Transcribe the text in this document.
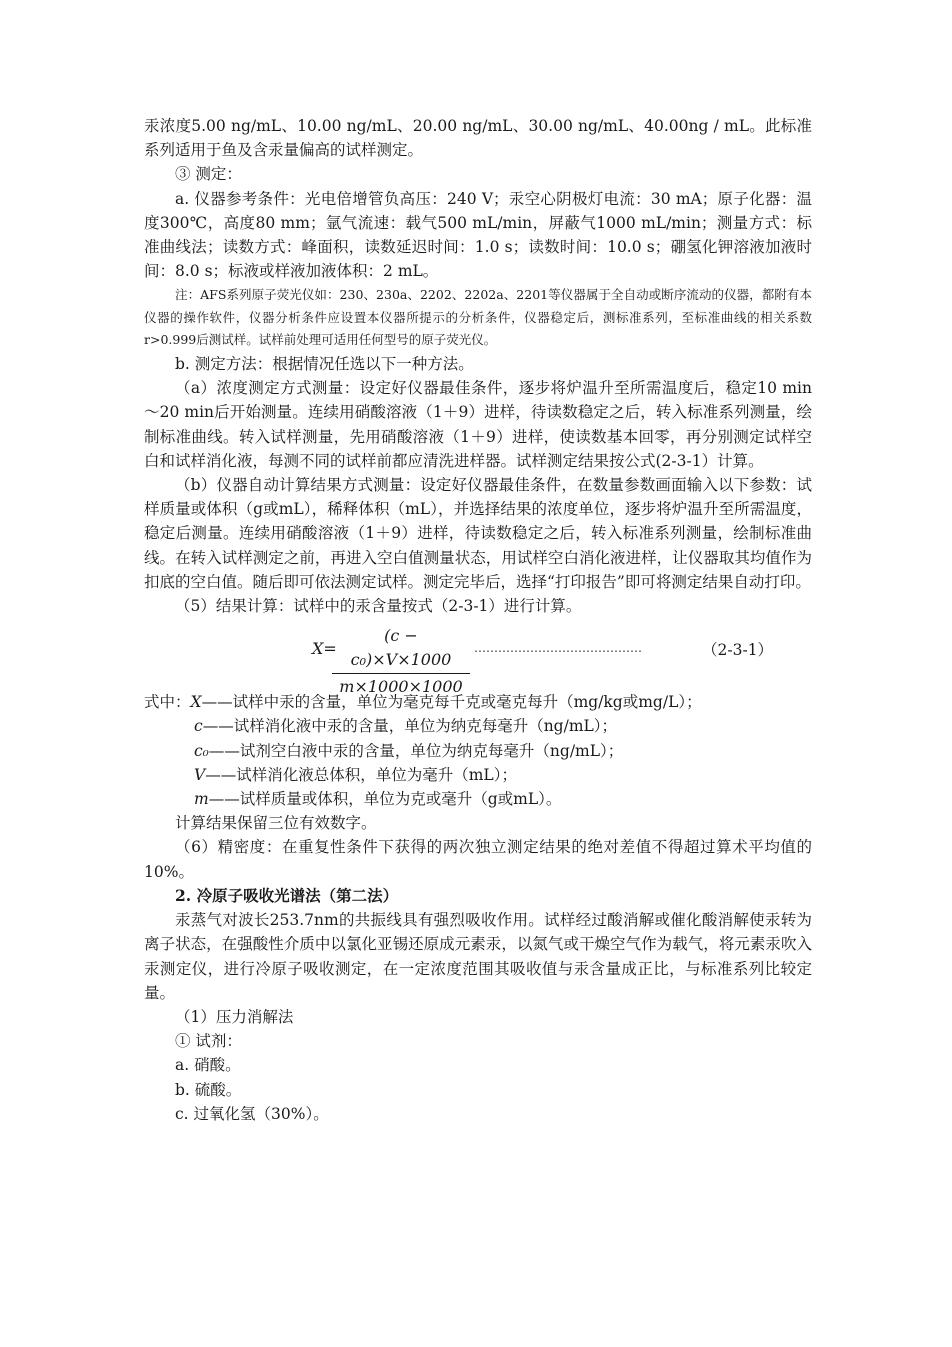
汞浓度5.00 ng/mL、10.00 ng/mL、20.00 ng/mL、30.00 ng/mL、40.00ng / mL。此标准系列适用于鱼及含汞量偏高的试样测定。

③ 测定：

a. 仪器参考条件：光电倍增管负高压：240 V；汞空心阴极灯电流：30 mA；原子化器：温度300℃，高度80 mm；氩气流速：载气500 mL/min，屏蔽气1000 mL/min；测量方式：标准曲线法；读数方式：峰面积，读数延迟时间：1.0 s；读数时间：10.0 s；硼氢化钾溶液加液时间：8.0 s；标液或样液加液体积：2 mL。

注：AFS系列原子荧光仪如：230、230a、2202、2202a、2201等仪器属于全自动或断序流动的仪器，都附有本仪器的操作软件，仪器分析条件应设置本仪器所提示的分析条件，仪器稳定后，测标准系列，至标准曲线的相关系数r>0.999后测试样。试样前处理可适用任何型号的原子荧光仪。

b. 测定方法：根据情况任选以下一种方法。

（a）浓度测定方式测量：设定好仪器最佳条件，逐步将炉温升至所需温度后，稳定10 min～20 min后开始测量。连续用硝酸溶液（1＋9）进样，待读数稳定之后，转入标准系列测量，绘制标准曲线。转入试样测量，先用硝酸溶液（1＋9）进样，使读数基本回零，再分别测定试样空白和试样消化液，每测不同的试样前都应清洗进样器。试样测定结果按公式(2-3-1）计算。

（b）仪器自动计算结果方式测量：设定好仪器最佳条件，在数量参数画面输入以下参数：试样质量或体积（g或mL），稀释体积（mL），并选择结果的浓度单位，逐步将炉温升至所需温度，稳定后测量。连续用硝酸溶液（1＋9）进样，待读数稳定之后，转入标准系列测量，绘制标准曲线。在转入试样测定之前，再进入空白值测量状态，用试样空白消化液进样，让仪器取其均值作为扣底的空白值。随后即可依法测定试样。测定完毕后，选择“打印报告”即可将测定结果自动打印。

（5）结果计算：试样中的汞含量按式（2-3-1）进行计算。

X=
(c − c₀)×V×1000
m×1000×1000
……………………………………	（2-3-1）

式中：X——试样中汞的含量，单位为毫克每千克或毫克每升（mg/kg或mg/L）；

c——试样消化液中汞的含量，单位为纳克每毫升（ng/mL）；

c₀——试剂空白液中汞的含量，单位为纳克每毫升（ng/mL）；

V——试样消化液总体积，单位为毫升（mL）；

m——试样质量或体积，单位为克或毫升（g或mL）。

计算结果保留三位有效数字。

（6）精密度：在重复性条件下获得的两次独立测定结果的绝对差值不得超过算术平均值的10%。

2. 冷原子吸收光谱法（第二法）

汞蒸气对波长253.7nm的共振线具有强烈吸收作用。试样经过酸消解或催化酸消解使汞转为离子状态，在强酸性介质中以氯化亚锡还原成元素汞，以氮气或干燥空气作为载气，将元素汞吹入汞测定仪，进行冷原子吸收测定，在一定浓度范围其吸收值与汞含量成正比，与标准系列比较定量。

（1）压力消解法

① 试剂：

a. 硝酸。

b. 硫酸。

c. 过氧化氢（30%）。
